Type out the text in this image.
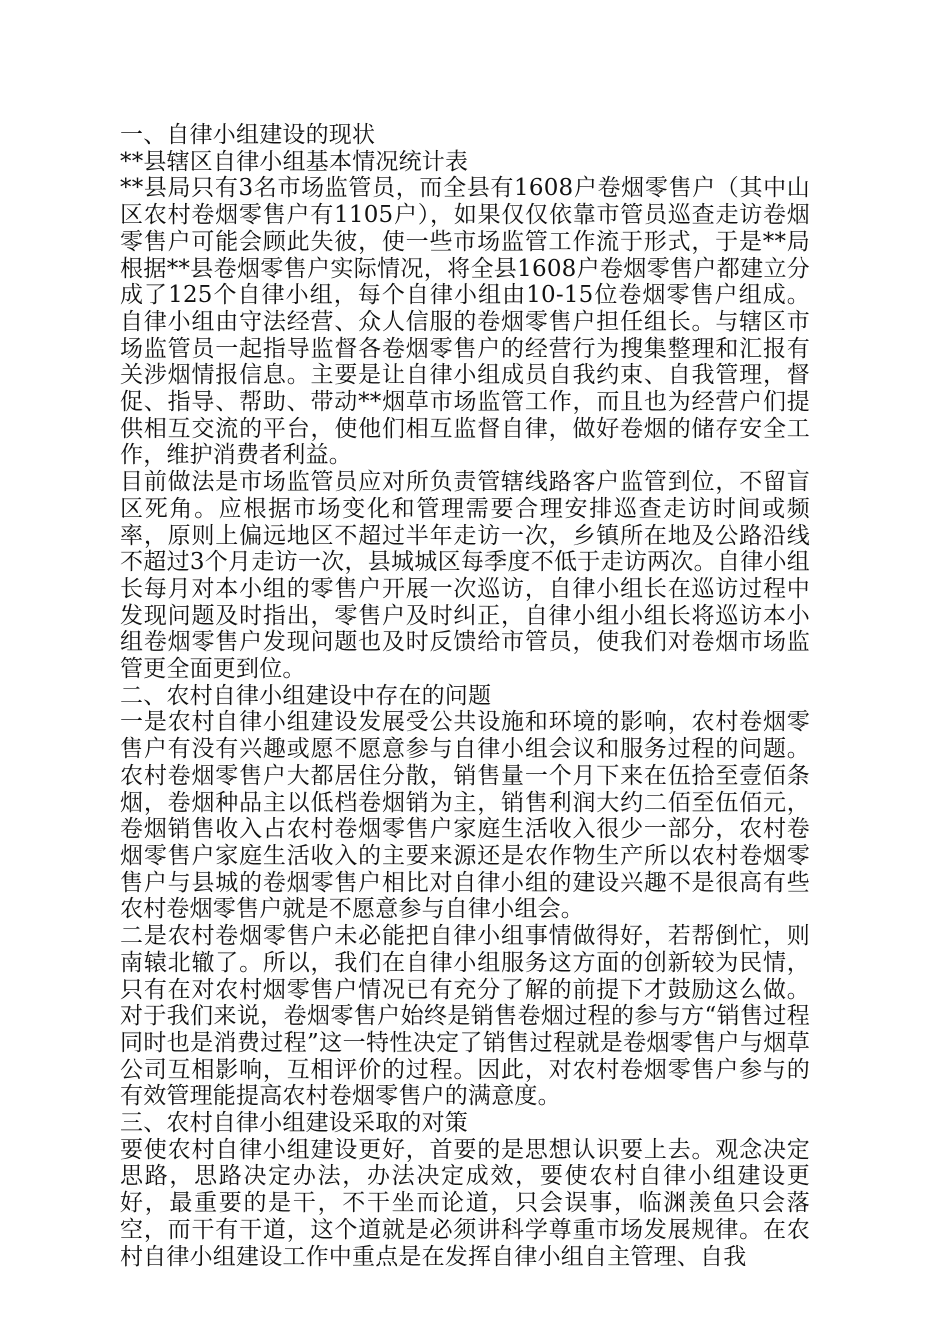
一、自律小组建设的现状
**县辖区自律小组基本情况统计表
**县局只有3名市场监管员，而全县有1608户卷烟零售户（其中山区农村卷烟零售户有1105户），如果仅仅依靠市管员巡查走访卷烟零售户可能会顾此失彼，使一些市场监管工作流于形式，于是**局根据**县卷烟零售户实际情况，将全县1608户卷烟零售户都建立分成了125个自律小组，每个自律小组由10-15位卷烟零售户组成。自律小组由守法经营、众人信服的卷烟零售户担任组长。与辖区市场监管员一起指导监督各卷烟零售户的经营行为搜集整理和汇报有关涉烟情报信息。主要是让自律小组成员自我约束、自我管理，督促、指导、帮助、带动**烟草市场监管工作，而且也为经营户们提供相互交流的平台，使他们相互监督自律，做好卷烟的储存安全工作，维护消费者利益。
目前做法是市场监管员应对所负责管辖线路客户监管到位，不留盲区死角。应根据市场变化和管理需要合理安排巡查走访时间或频率，原则上偏远地区不超过半年走访一次，乡镇所在地及公路沿线不超过3个月走访一次，县城城区每季度不低于走访两次。自律小组长每月对本小组的零售户开展一次巡访，自律小组长在巡访过程中发现问题及时指出，零售户及时纠正，自律小组小组长将巡访本小组卷烟零售户发现问题也及时反馈给市管员，使我们对卷烟市场监管更全面更到位。
二、农村自律小组建设中存在的问题
一是农村自律小组建设发展受公共设施和环境的影响，农村卷烟零售户有没有兴趣或愿不愿意参与自律小组会议和服务过程的问题。农村卷烟零售户大都居住分散，销售量一个月下来在伍拾至壹佰条烟，卷烟种品主以低档卷烟销为主，销售利润大约二佰至伍佰元，卷烟销售收入占农村卷烟零售户家庭生活收入很少一部分，农村卷烟零售户家庭生活收入的主要来源还是农作物生产所以农村卷烟零售户与县城的卷烟零售户相比对自律小组的建设兴趣不是很高有些农村卷烟零售户就是不愿意参与自律小组会。
二是农村卷烟零售户未必能把自律小组事情做得好，若帮倒忙，则南辕北辙了。所以，我们在自律小组服务这方面的创新较为民情，只有在对农村烟零售户情况已有充分了解的前提下才鼓励这么做。对于我们来说，卷烟零售户始终是销售卷烟过程的参与方“销售过程同时也是消费过程”这一特性决定了销售过程就是卷烟零售户与烟草公司互相影响，互相评价的过程。因此，对农村卷烟零售户参与的有效管理能提高农村卷烟零售户的满意度。
三、农村自律小组建设采取的对策
要使农村自律小组建设更好，首要的是思想认识要上去。观念决定思路，思路决定办法，办法决定成效，要使农村自律小组建设更好，最重要的是干，不干坐而论道，只会误事，临渊羡鱼只会落空，而干有干道，这个道就是必须讲科学尊重市场发展规律。在农村自律小组建设工作中重点是在发挥自律小组自主管理、自我
